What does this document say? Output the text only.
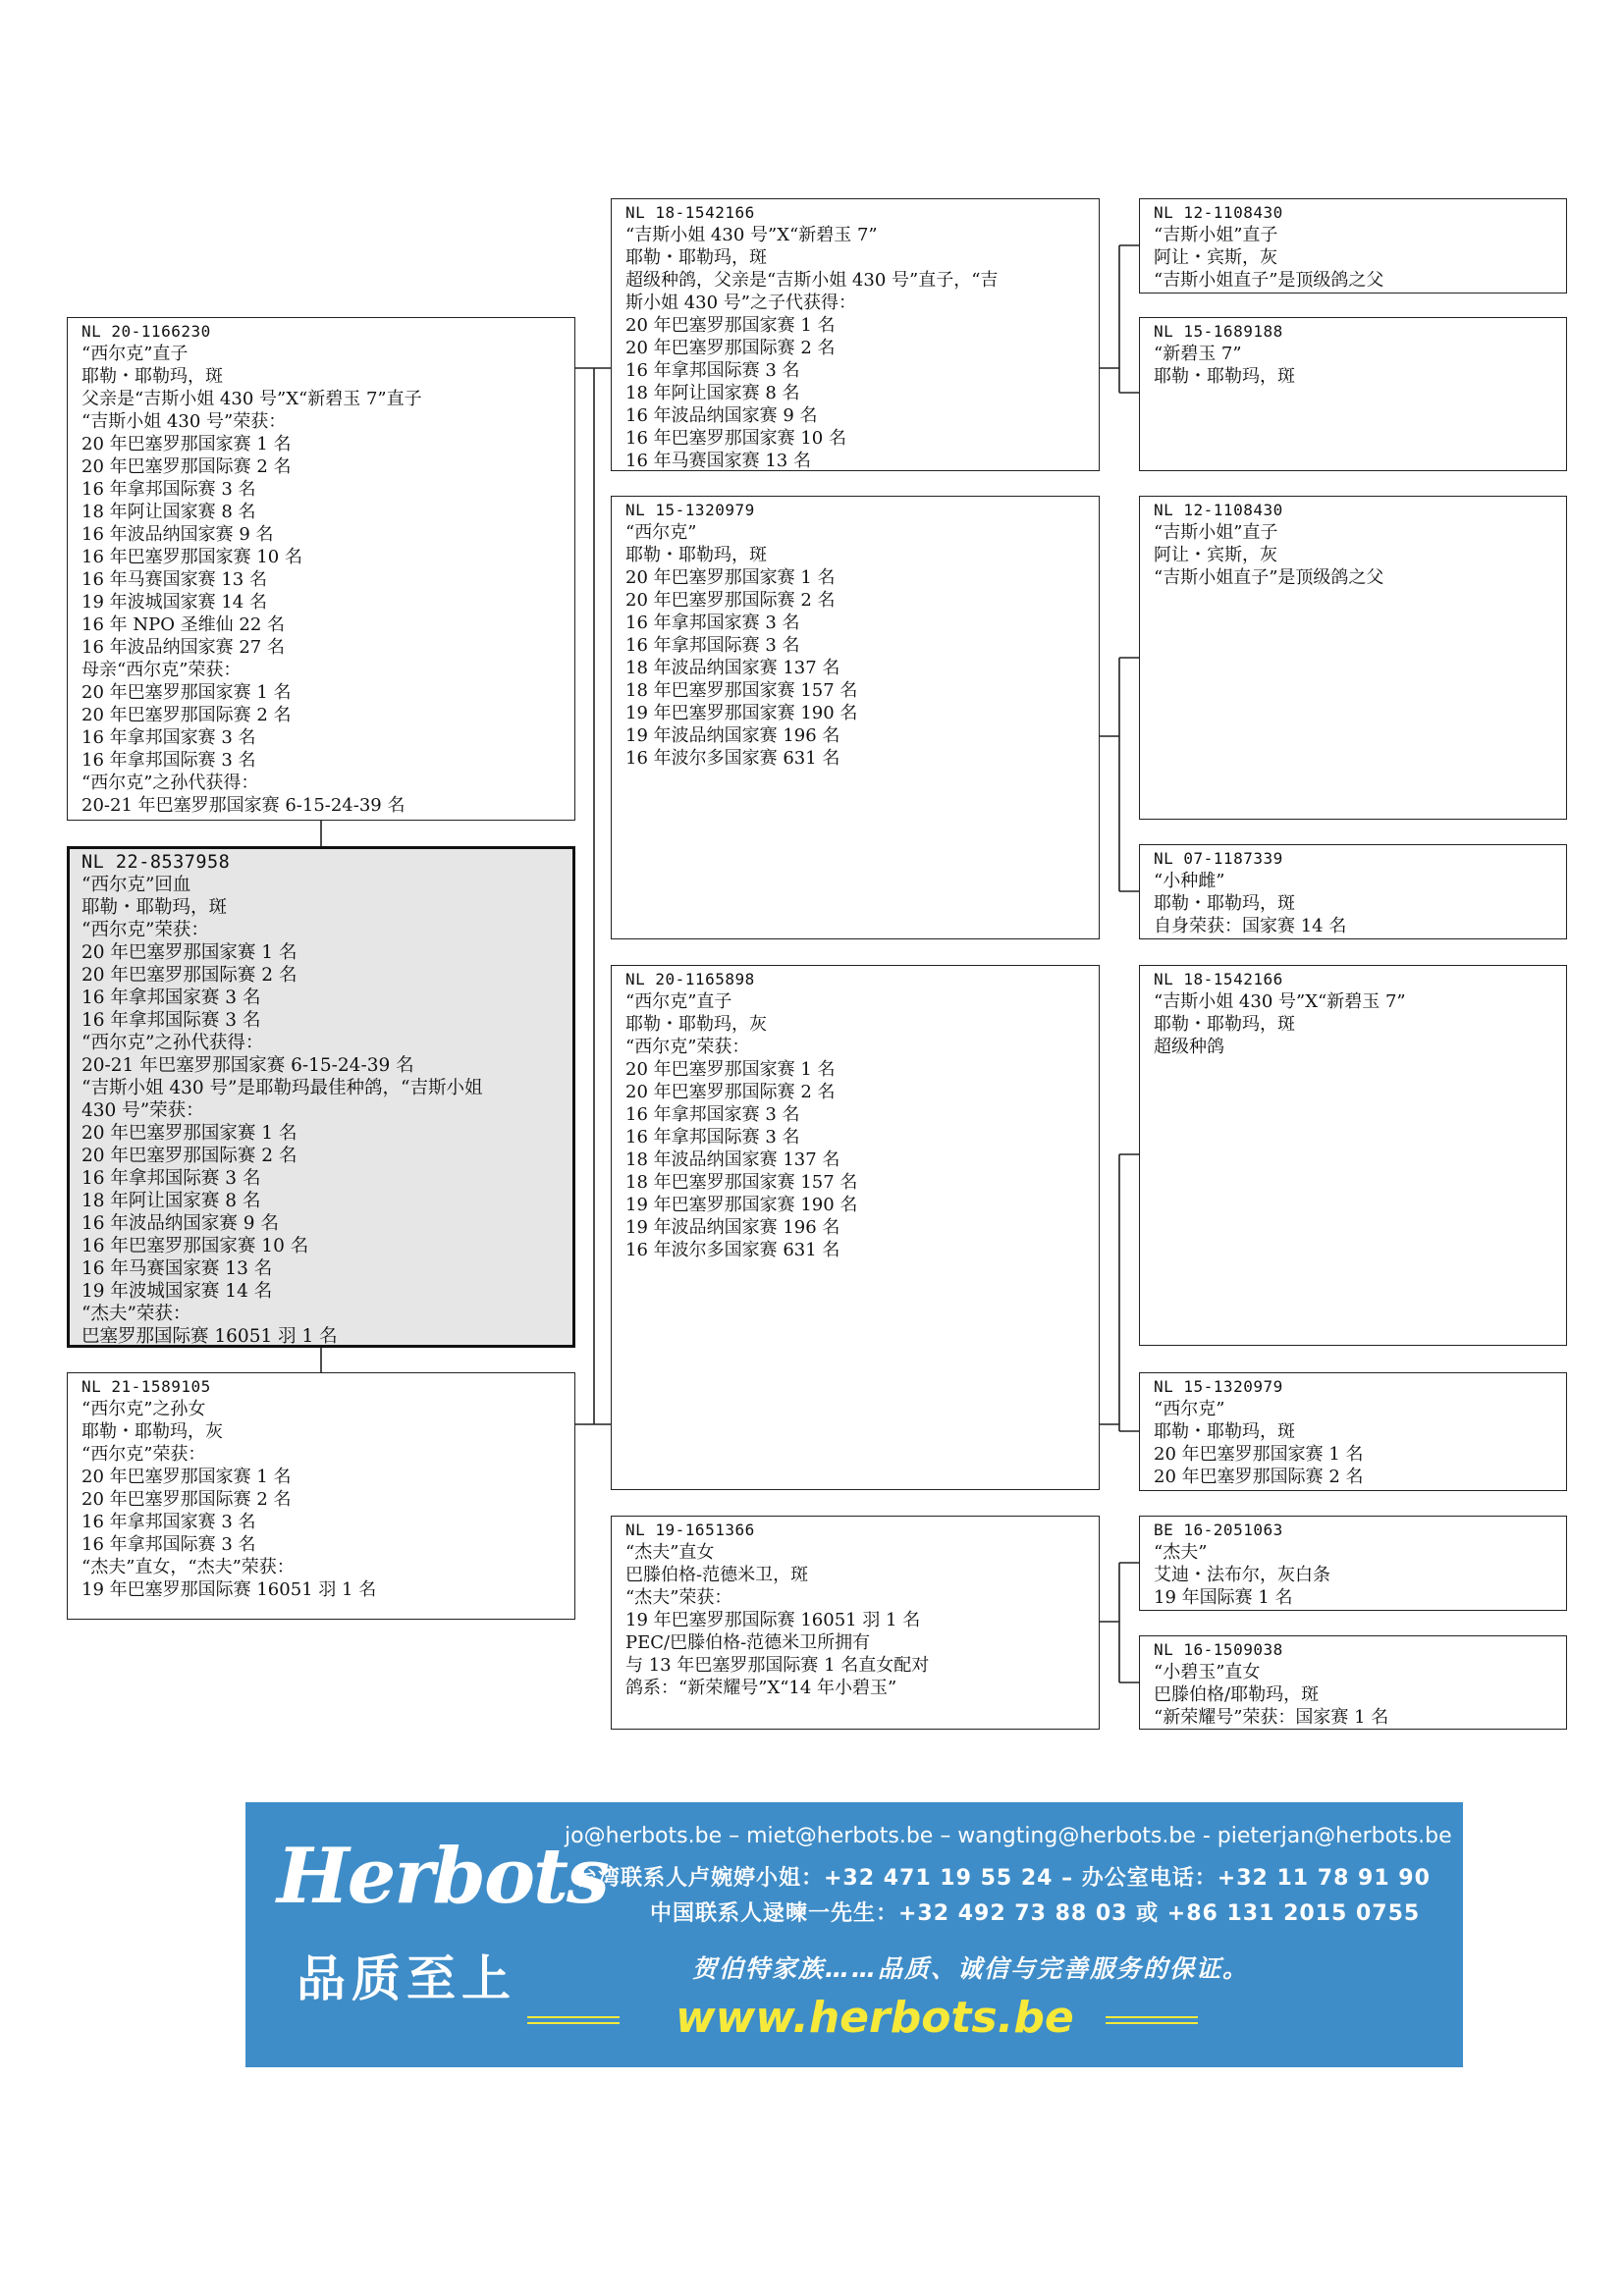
NL 20-1166230
“西尔克”直子
耶勒・耶勒玛，斑
父亲是“吉斯小姐 430 号”X“新碧玉 7”直子
“吉斯小姐 430 号”荣获：
20 年巴塞罗那国家赛 1 名
20 年巴塞罗那国际赛 2 名
16 年拿邦国际赛 3 名
18 年阿让国家赛 8 名
16 年波品纳国家赛 9 名
16 年巴塞罗那国家赛 10 名
16 年马赛国家赛 13 名
19 年波城国家赛 14 名
16 年 NPO 圣维仙 22 名
16 年波品纳国家赛 27 名
母亲“西尔克”荣获：
20 年巴塞罗那国家赛 1 名
20 年巴塞罗那国际赛 2 名
16 年拿邦国家赛 3 名
16 年拿邦国际赛 3 名
“西尔克”之孙代获得：
20-21 年巴塞罗那国家赛 6-15-24-39 名
NL 22-8537958
“西尔克”回血
耶勒・耶勒玛，斑
“西尔克”荣获：
20 年巴塞罗那国家赛 1 名
20 年巴塞罗那国际赛 2 名
16 年拿邦国家赛 3 名
16 年拿邦国际赛 3 名
“西尔克”之孙代获得：
20-21 年巴塞罗那国家赛 6-15-24-39 名
“吉斯小姐 430 号”是耶勒玛最佳种鸽，“吉斯小姐
430 号”荣获：
20 年巴塞罗那国家赛 1 名
20 年巴塞罗那国际赛 2 名
16 年拿邦国际赛 3 名
18 年阿让国家赛 8 名
16 年波品纳国家赛 9 名
16 年巴塞罗那国家赛 10 名
16 年马赛国家赛 13 名
19 年波城国家赛 14 名
“杰夫”荣获：
巴塞罗那国际赛 16051 羽 1 名
NL 21-1589105
“西尔克”之孙女
耶勒・耶勒玛，灰
“西尔克”荣获：
20 年巴塞罗那国家赛 1 名
20 年巴塞罗那国际赛 2 名
16 年拿邦国家赛 3 名
16 年拿邦国际赛 3 名
“杰夫”直女，“杰夫”荣获：
19 年巴塞罗那国际赛 16051 羽 1 名
NL 18-1542166
“吉斯小姐 430 号”X“新碧玉 7”
耶勒・耶勒玛，斑
超级种鸽，父亲是“吉斯小姐 430 号”直子，“吉
斯小姐 430 号”之子代获得：
20 年巴塞罗那国家赛 1 名
20 年巴塞罗那国际赛 2 名
16 年拿邦国际赛 3 名
18 年阿让国家赛 8 名
16 年波品纳国家赛 9 名
16 年巴塞罗那国家赛 10 名
16 年马赛国家赛 13 名
NL 15-1320979
“西尔克”
耶勒・耶勒玛，斑
20 年巴塞罗那国家赛 1 名
20 年巴塞罗那国际赛 2 名
16 年拿邦国家赛 3 名
16 年拿邦国际赛 3 名
18 年波品纳国家赛 137 名
18 年巴塞罗那国家赛 157 名
19 年巴塞罗那国家赛 190 名
19 年波品纳国家赛 196 名
16 年波尔多国家赛 631 名
NL 20-1165898
“西尔克”直子
耶勒・耶勒玛，灰
“西尔克”荣获：
20 年巴塞罗那国家赛 1 名
20 年巴塞罗那国际赛 2 名
16 年拿邦国家赛 3 名
16 年拿邦国际赛 3 名
18 年波品纳国家赛 137 名
18 年巴塞罗那国家赛 157 名
19 年巴塞罗那国家赛 190 名
19 年波品纳国家赛 196 名
16 年波尔多国家赛 631 名
NL 19-1651366
“杰夫”直女
巴滕伯格-范德米卫，斑
“杰夫”荣获：
19 年巴塞罗那国际赛 16051 羽 1 名
PEC/巴滕伯格-范德米卫所拥有
与 13 年巴塞罗那国际赛 1 名直女配对
鸽系：“新荣耀号”X“14 年小碧玉”
NL 12-1108430
“吉斯小姐”直子
阿让・宾斯，灰
“吉斯小姐直子”是顶级鸽之父
NL 15-1689188
“新碧玉 7”
耶勒・耶勒玛，斑
NL 12-1108430
“吉斯小姐”直子
阿让・宾斯，灰
“吉斯小姐直子”是顶级鸽之父
NL 07-1187339
“小种雌”
耶勒・耶勒玛，斑
自身荣获：国家赛 14 名
NL 18-1542166
“吉斯小姐 430 号”X“新碧玉 7”
耶勒・耶勒玛，斑
超级种鸽
NL 15-1320979
“西尔克”
耶勒・耶勒玛，斑
20 年巴塞罗那国家赛 1 名
20 年巴塞罗那国际赛 2 名
BE 16-2051063
“杰夫”
艾迪・法布尔，灰白条
19 年国际赛 1 名
NL 16-1509038
“小碧玉”直女
巴滕伯格/耶勒玛，斑
“新荣耀号”荣获：国家赛 1 名
Herbots
品质至上
jo@herbots.be – miet@herbots.be – wangting@herbots.be - pieterjan@herbots.be
台湾联系人卢婉婷小姐：+32 471 19 55 24 – 办公室电话：+32 11 78 91 90
中国联系人逯暕一先生：+32 492 73 88 03 或 +86 131 2015 0755
贺伯特家族……品质、诚信与完善服务的保证。
www.herbots.be
